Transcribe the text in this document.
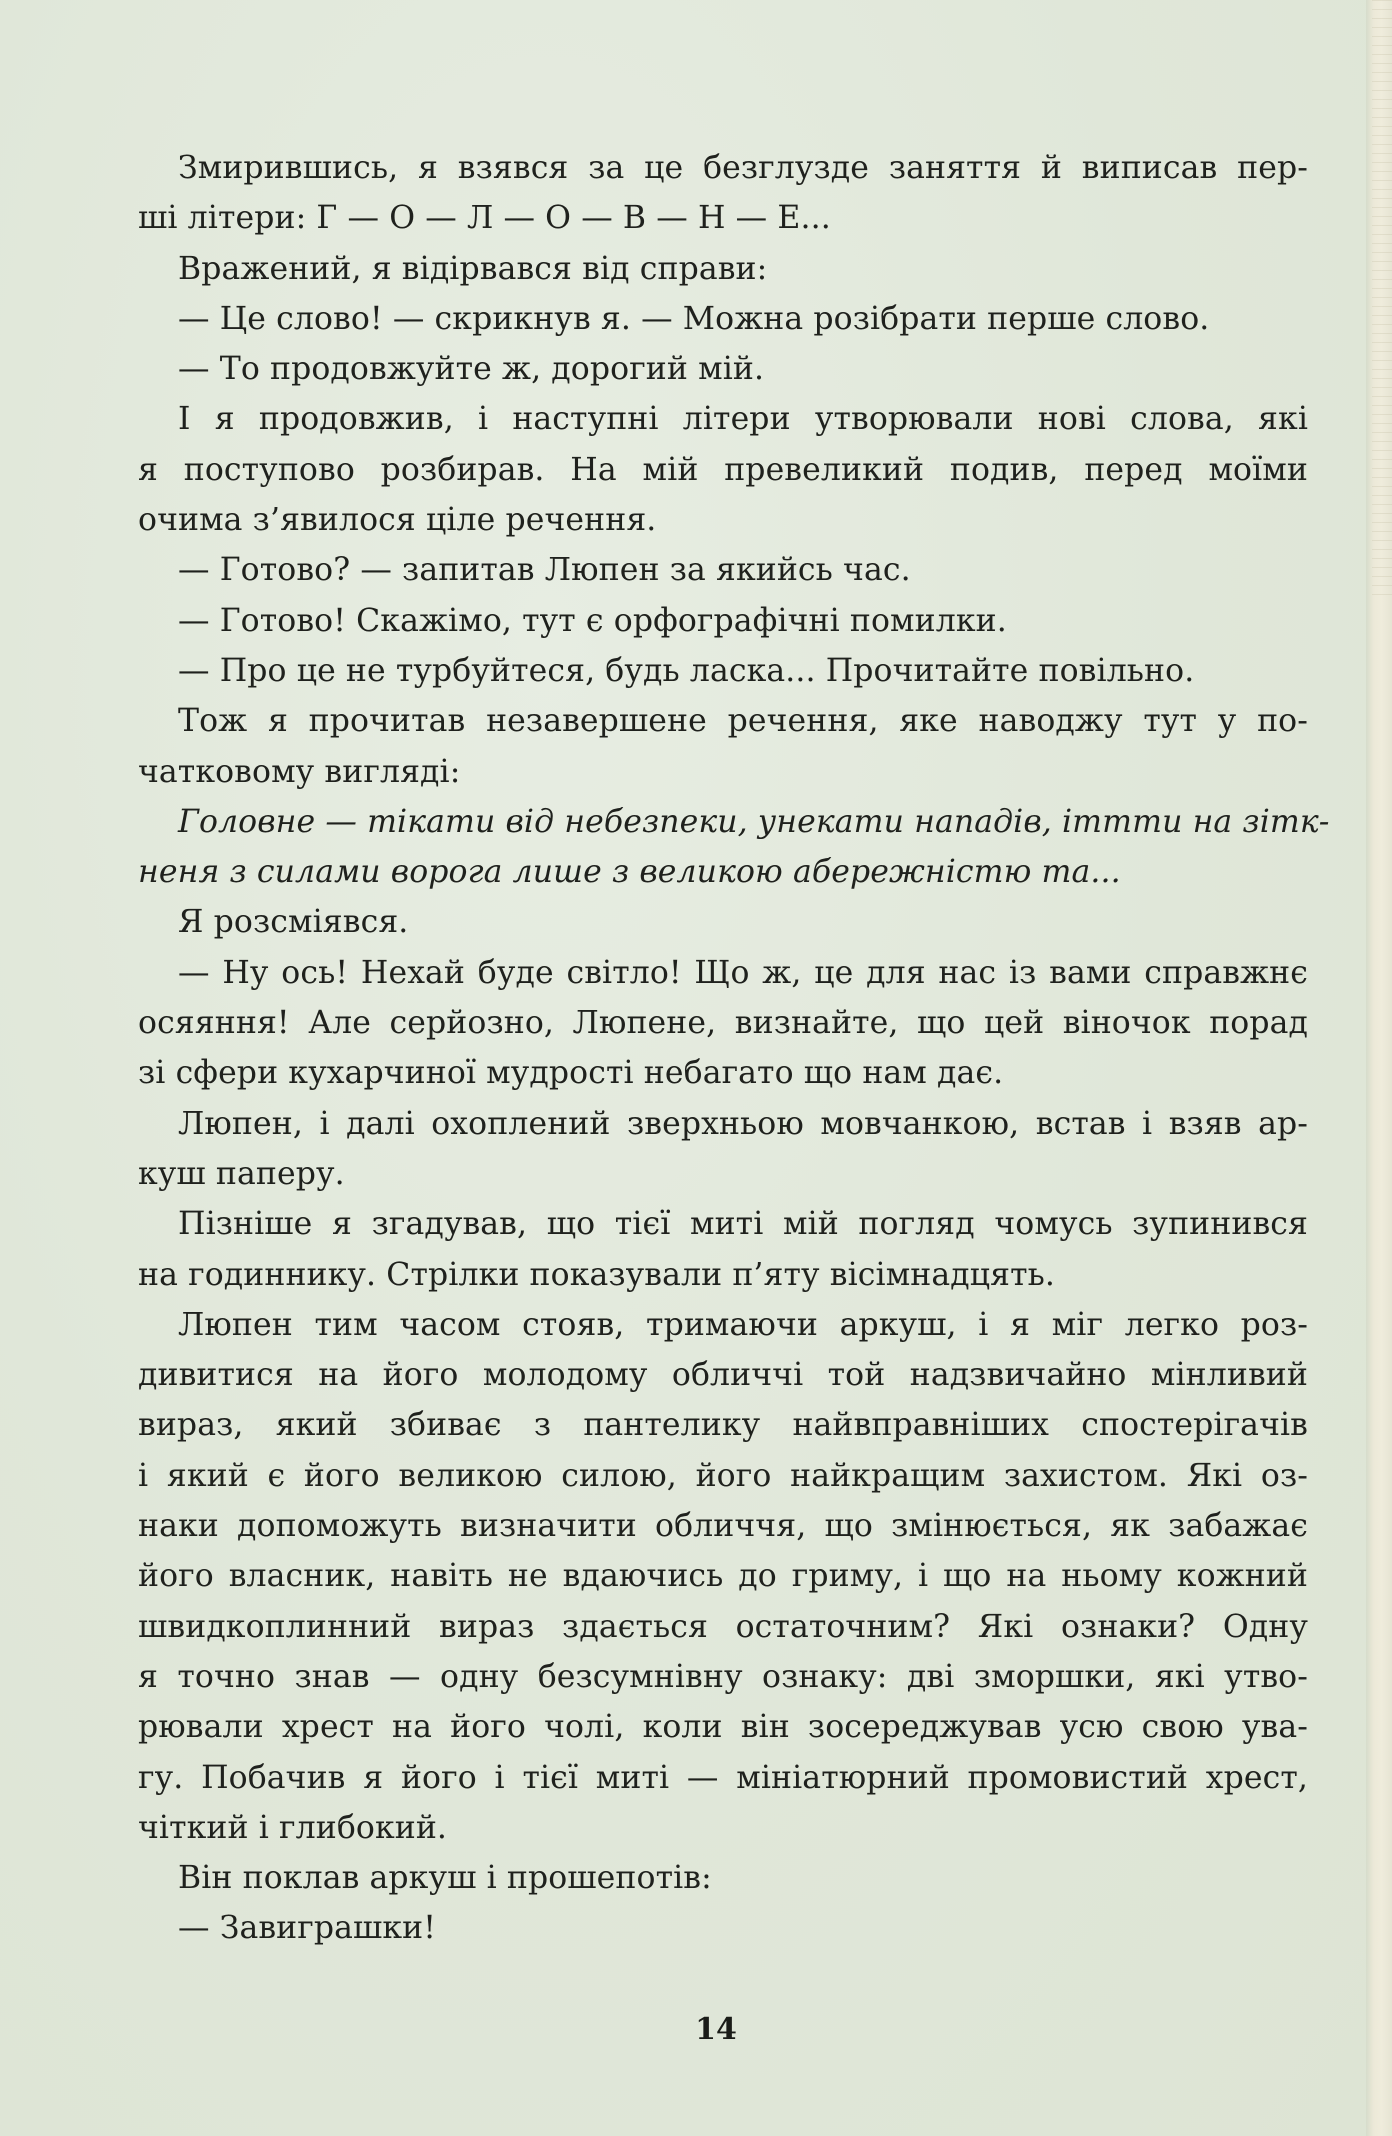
Змирившись, я взявся за це безглузде заняття й виписав пер-
ші літери: Г — О — Л — О — В — Н — Е...
Вражений, я відірвався від справи:
— Це слово! — скрикнув я. — Можна розібрати перше слово.
— То продовжуйте ж, дорогий мій.
І я продовжив, і наступні літери утворювали нові слова, які
я поступово розбирав. На мій превеликий подив, перед моїми
очима з’явилося ціле речення.
— Готово? — запитав Люпен за якийсь час.
— Готово! Скажімо, тут є орфографічні помилки.
— Про це не турбуйтеся, будь ласка... Прочитайте повільно.
Тож я прочитав незавершене речення, яке наводжу тут у по-
чатковому вигляді:
Головне — тікати від небезпеки, унекати нападів, іттти на зітк-
неня з силами ворога лише з великою абережністю та...
Я розсміявся.
— Ну ось! Нехай буде світло! Що ж, це для нас із вами справжнє
осяяння! Але серйозно, Люпене, визнайте, що цей віночок порад
зі сфери кухарчиної мудрості небагато що нам дає.
Люпен, і далі охоплений зверхньою мовчанкою, встав і взяв ар-
куш паперу.
Пізніше я згадував, що тієї миті мій погляд чомусь зупинився
на годиннику. Стрілки показували п’яту вісімнадцять.
Люпен тим часом стояв, тримаючи аркуш, і я міг легко роз-
дивитися на його молодому обличчі той надзвичайно мінливий
вираз, який збиває з пантелику найвправніших спостерігачів
і який є його великою силою, його найкращим захистом. Які оз-
наки допоможуть визначити обличчя, що змінюється, як забажає
його власник, навіть не вдаючись до гриму, і що на ньому кожний
швидкоплинний вираз здається остаточним? Які ознаки? Одну
я точно знав — одну безсумнівну ознаку: дві зморшки, які утво-
рювали хрест на його чолі, коли він зосереджував усю свою ува-
гу. Побачив я його і тієї миті — мініатюрний промовистий хрест,
чіткий і глибокий.
Він поклав аркуш і прошепотів:
— Завиграшки!
14
